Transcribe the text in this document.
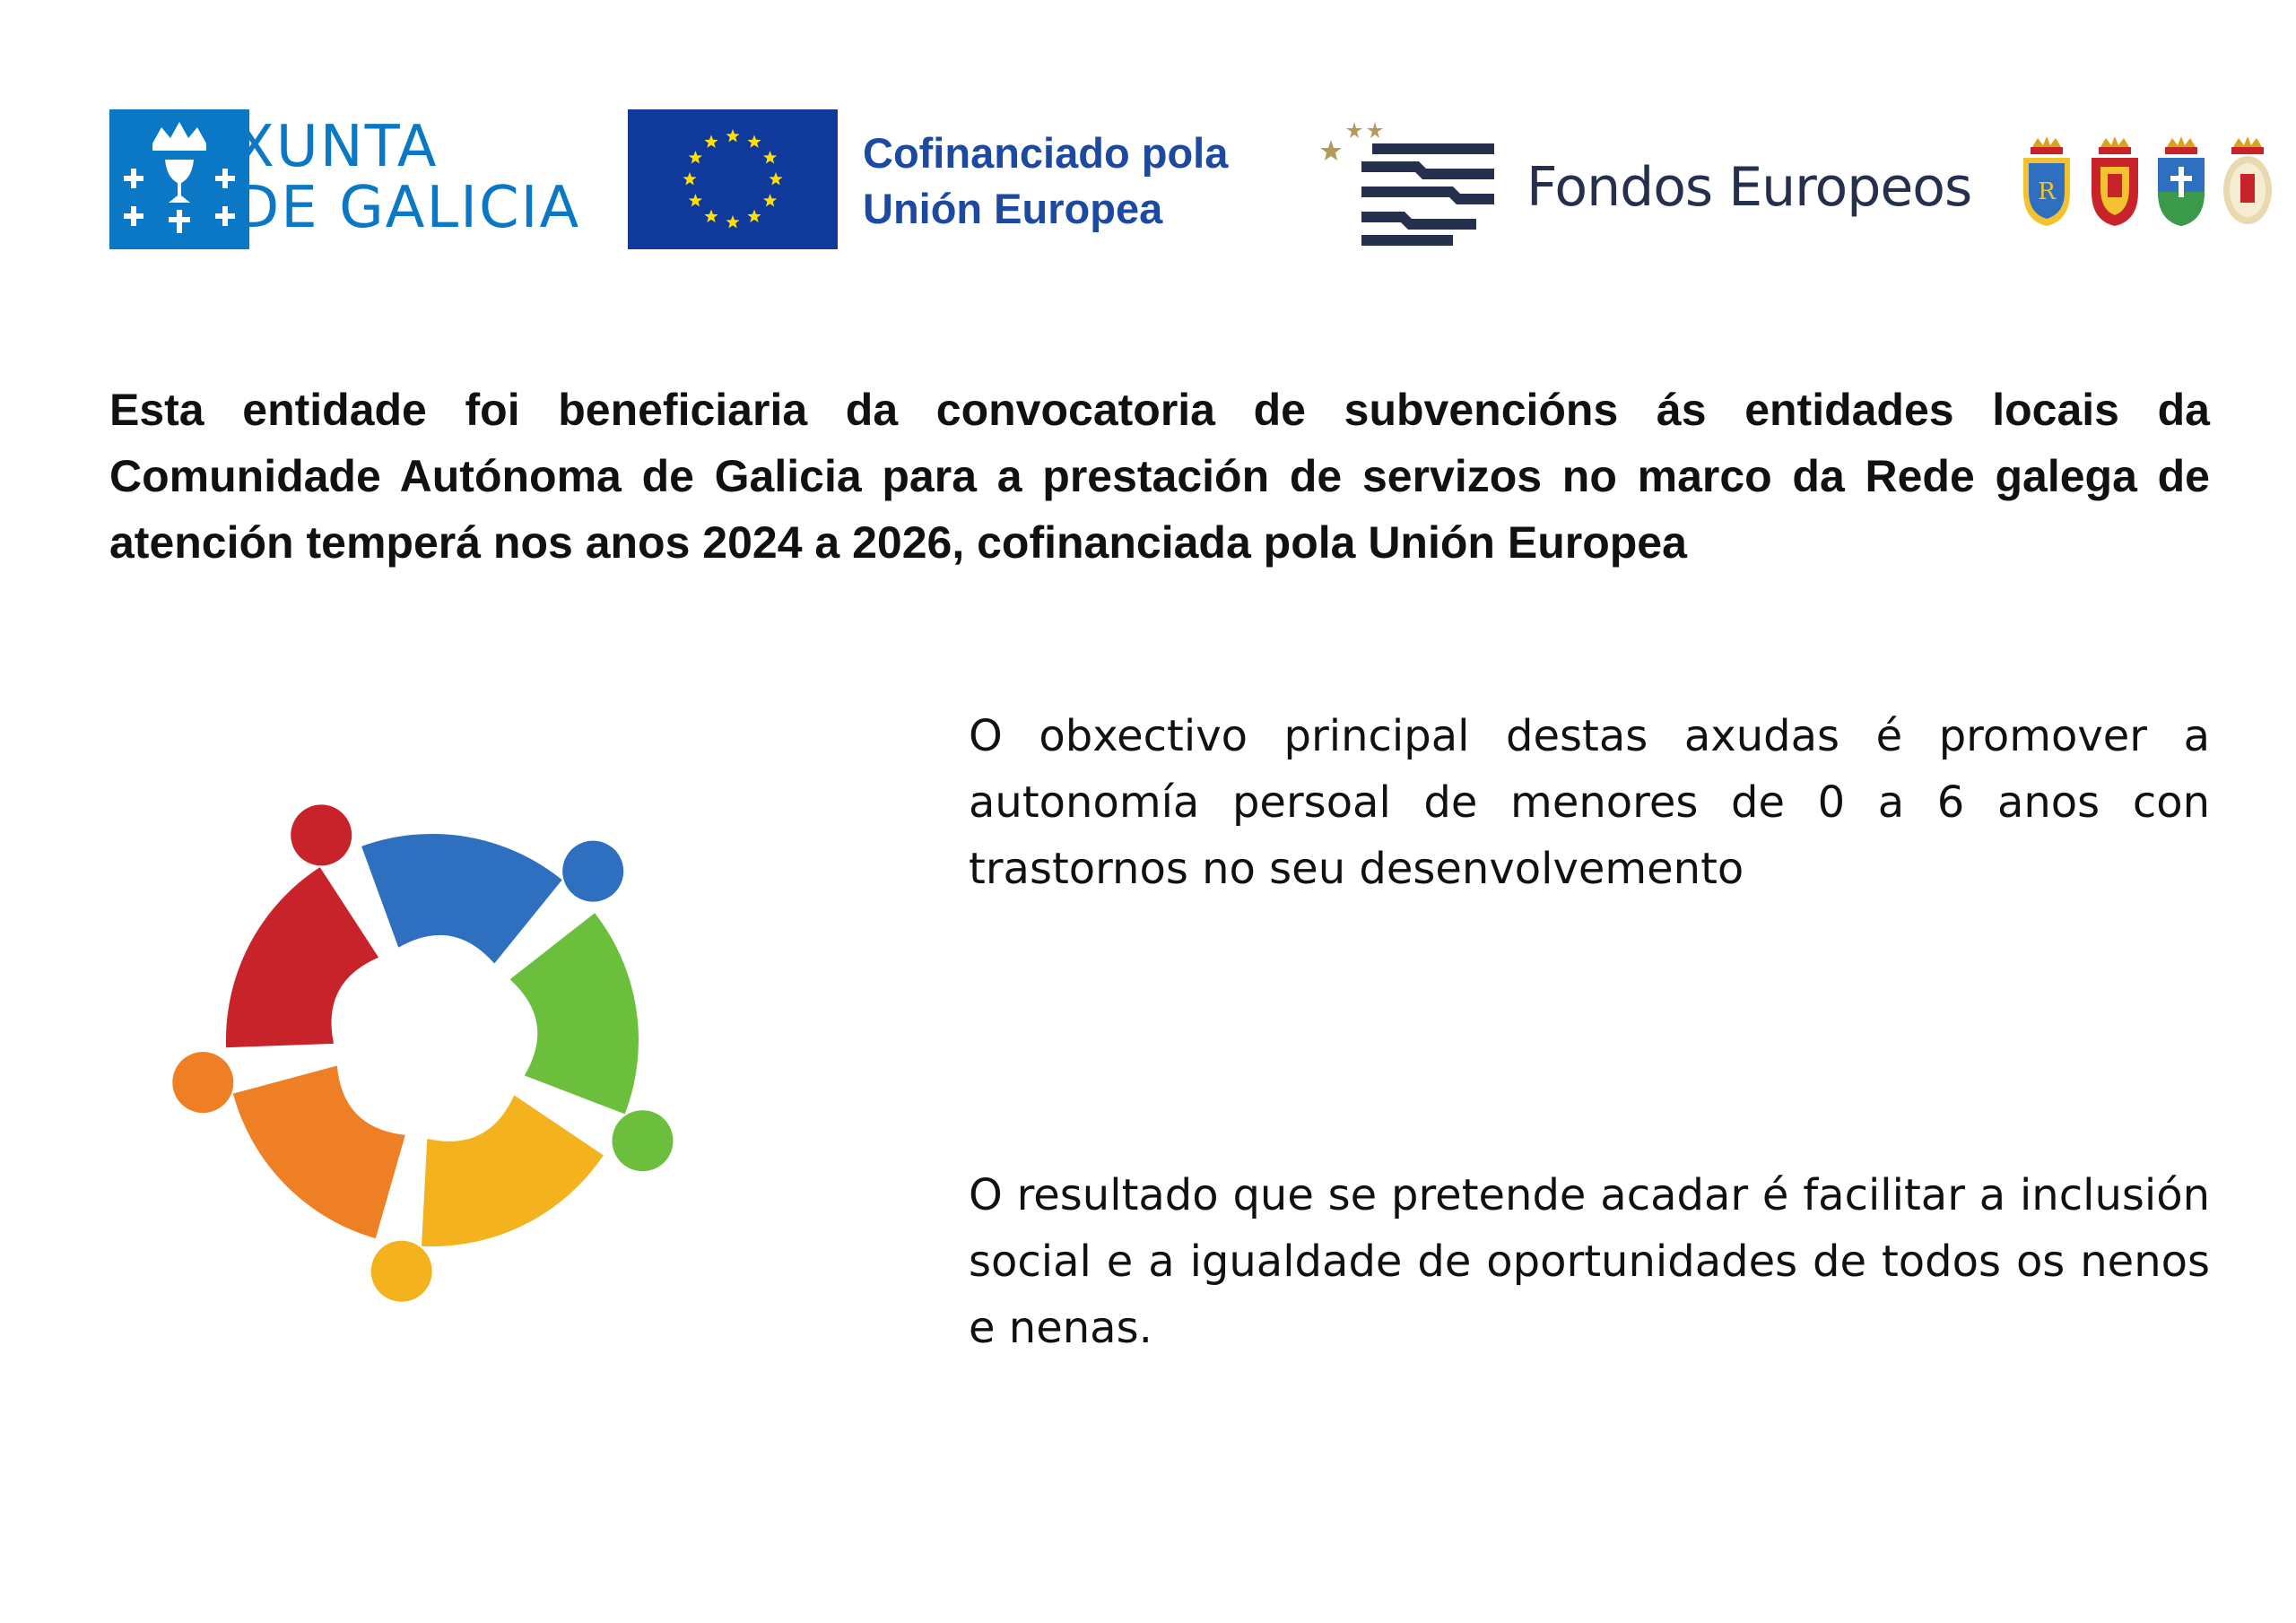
XUNTA
DE GALICIA
Cofinanciado pola
Unión Europea	Fondos Europeos	R
Esta entidade foi beneficiaria da convocatoria de subvencións ás entidades locais da Comunidade Autónoma de Galicia para a prestación de servizos no marco da Rede galega de atención temperá nos anos 2024 a 2026, cofinanciada pola Unión Europea
O obxectivo principal destas axudas é promover a autonomía persoal de menores de 0 a 6 anos con trastornos no seu desenvolvemento
O resultado que se pretende acadar é facilitar a inclusión social e a igualdade de oportunidades de todos os nenos e nenas.
